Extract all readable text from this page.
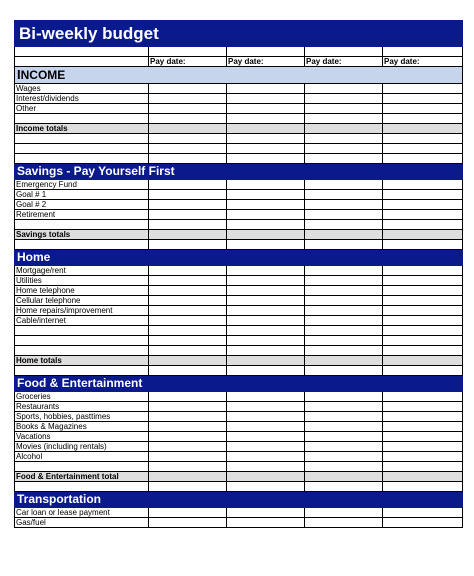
Bi-weekly budget				

	Pay date:	Pay date:	Pay date:	Pay date:
INCOME				
Wages				
Interest/dividends				
Other				

Income totals				

Savings - Pay Yourself First				
Emergency Fund				
Goal # 1				
Goal # 2				
Retirement				

Savings totals				

Home				
Mortgage/rent				
Utilities				
Home telephone				
Cellular telephone				
Home repairs/improvement				
Cable/internet				

Home totals				

Food & Entertainment				
Groceries				
Restaurants				
Sports, hobbies, pasttimes				
Books & Magazines				
Vacations				
Movies (including rentals)				
Alcohol				

Food & Entertainment total				

Transportation				
Car loan or lease payment				
Gas/fuel				
